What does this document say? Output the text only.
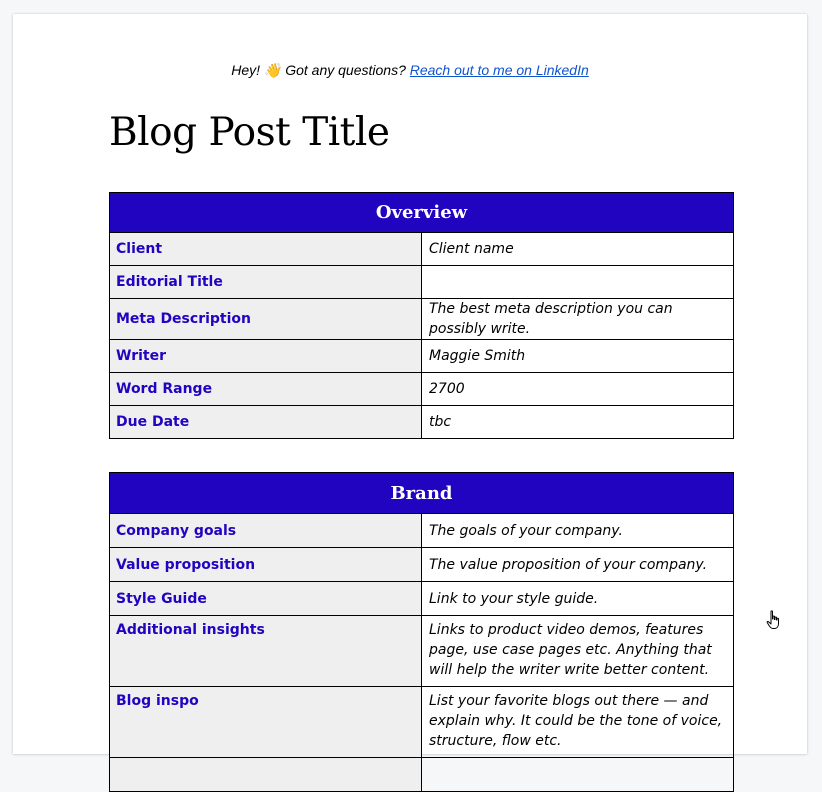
Hey! 👋 Got any questions? Reach out to me on LinkedIn
Blog Post Title
Overview	
Client	Client name
Editorial Title	
Meta Description	The best meta description you can possibly write.
Writer	Maggie Smith
Word Range	2700
Due Date	tbc
Brand	
Company goals	The goals of your company.
Value proposition	The value proposition of your company.
Style Guide	Link to your style guide.
Additional insights	Links to product video demos, features page, use case pages etc. Anything that will help the writer write better content.
Blog inspo	List your favorite blogs out there — and explain why. It could be the tone of voice, structure, flow etc.
